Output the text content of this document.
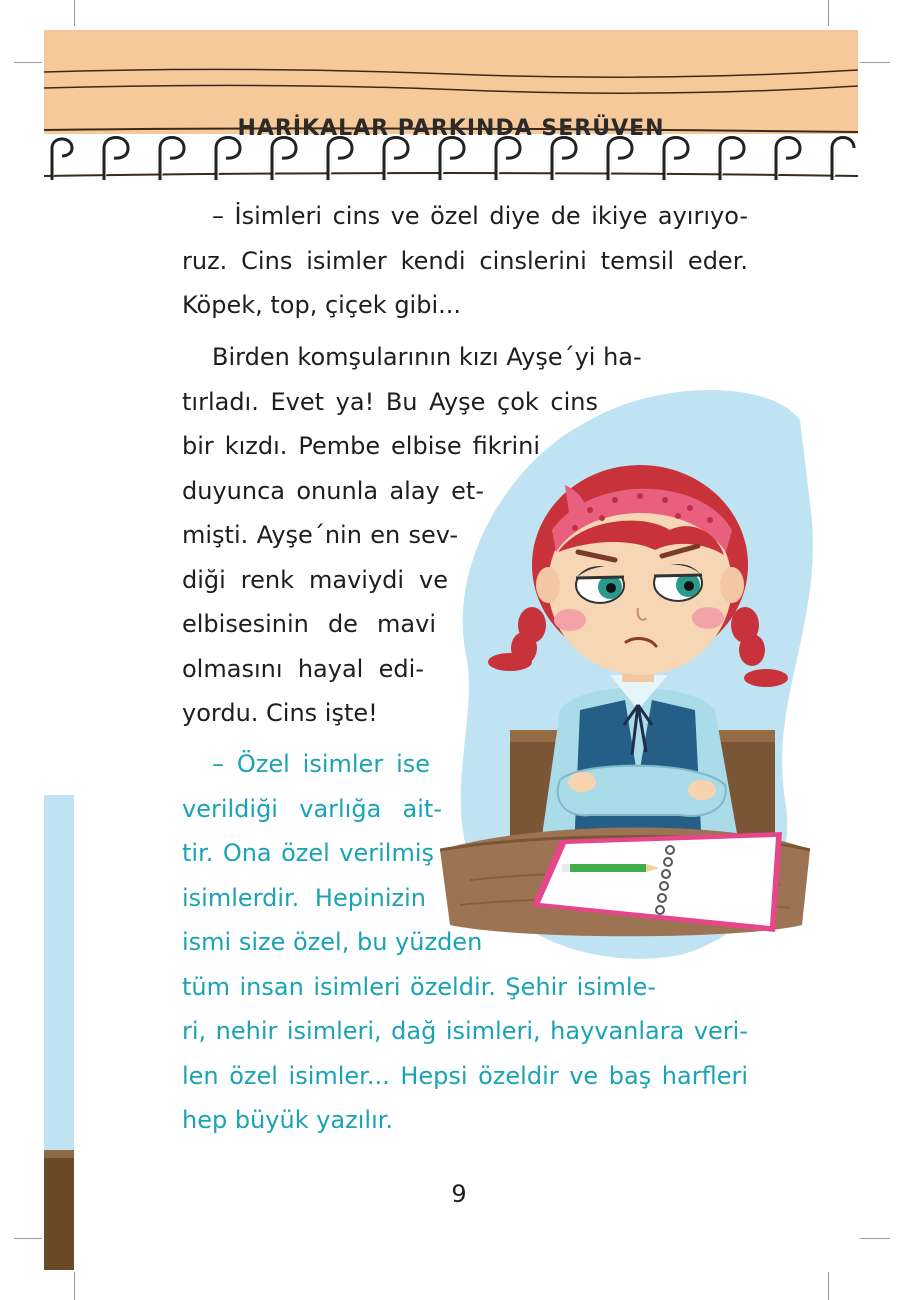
HARİKALAR PARKINDA SERÜVEN
– İsimleri cins ve özel diye de ikiye ayırıyo-
ruz. Cins isimler kendi cinslerini temsil eder.
Köpek, top, çiçek gibi...
Birden komşularının kızı Ayşe´yi ha-
tırladı. Evet ya! Bu Ayşe çok cins
bir kızdı. Pembe elbise fikrini
duyunca onunla alay et-
mişti. Ayşe´nin en sev-
diği renk maviydi ve
elbisesinin de mavi
olmasını hayal edi-
yordu. Cins işte!
– Özel isimler ise
verildiği varlığa ait-
tir. Ona özel verilmiş
isimlerdir. Hepinizin
ismi size özel, bu yüzden
tüm insan isimleri özeldir. Şehir isimle-
ri, nehir isimleri, dağ isimleri, hayvanlara veri-
len özel isimler... Hepsi özeldir ve baş harfleri
hep büyük yazılır.
9
